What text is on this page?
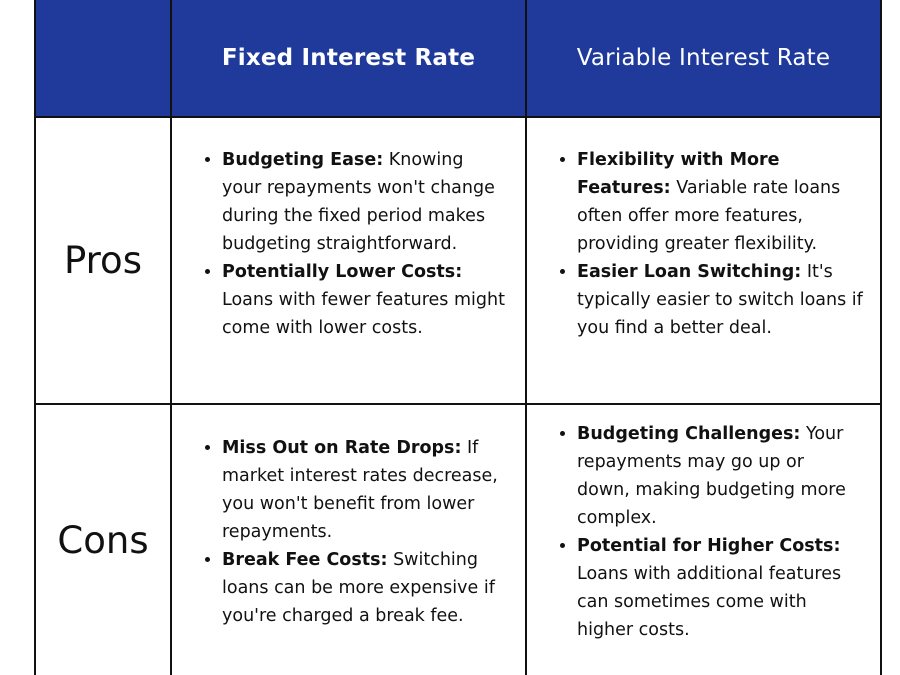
Fixed Interest Rate	Variable Interest Rate
Pros
Cons
• Budgeting Ease: Knowing your repayments won't change during the fixed period makes budgeting straightforward.
• Potentially Lower Costs: Loans with fewer features might come with lower costs.
• Flexibility with More Features: Variable rate loans often offer more features, providing greater flexibility.
• Easier Loan Switching: It's typically easier to switch loans if you find a better deal.
• Miss Out on Rate Drops: If market interest rates decrease, you won't benefit from lower repayments.
• Break Fee Costs: Switching loans can be more expensive if you're charged a break fee.
• Budgeting Challenges: Your repayments may go up or down, making budgeting more complex.
• Potential for Higher Costs: Loans with additional features can sometimes come with higher costs.
